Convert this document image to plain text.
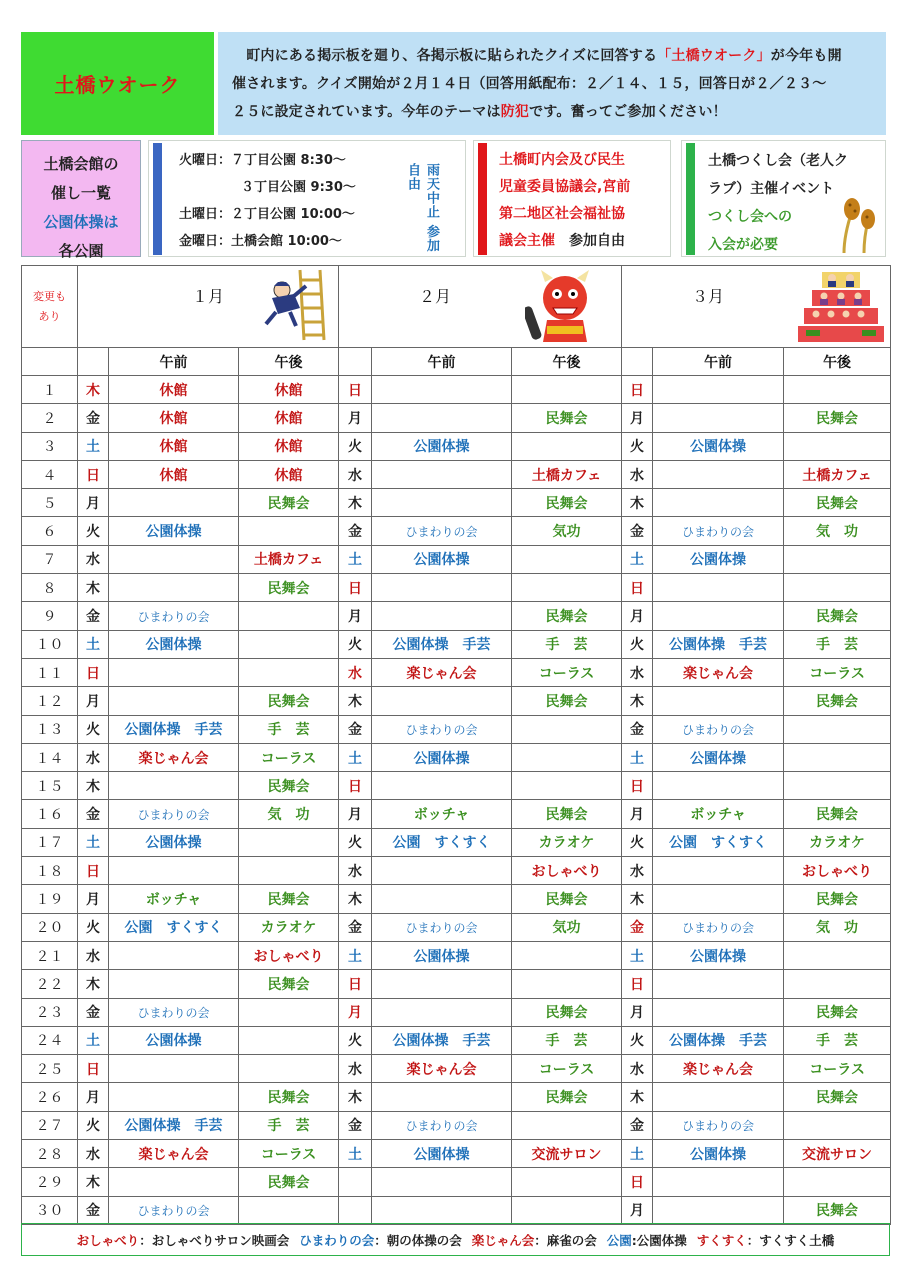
土橋ウオーク
　町内にある掲示板を廻り、各掲示板に貼られたクイズに回答する「土橋ウオーク」が今年も開
催されます。クイズ開始が２月１４日（回答用紙配布：２／１４、１５，回答日が２／２３～
２５に設定されています。今年のテーマは防犯です。奮ってご参加ください！
土橋会館の
催し一覧
公園体操は
各公園
火曜日：７丁目公園 8:30～
３丁目公園 9:30～
土曜日：２丁目公園 10:00～
金曜日：土橋会館 10:00～	雨天中止 参加自由
土橋町内会及び民生
児童委員協議会,宮前
第二地区社会福祉協
議会主催　参加自由
土橋つくし会（老人ク
ラブ）主催イベント
つくし会への
入会が必要
変更もあり	１月			２月			３月		

		午前	午後		午前	午後		午前	午後
１	木	休館	休館	日			日		
２	金	休館	休館	月		民舞会	月		民舞会
３	土	休館	休館	火	公園体操		火	公園体操	
４	日	休館	休館	水		土橋カフェ	水		土橋カフェ
５	月		民舞会	木		民舞会	木		民舞会
６	火	公園体操		金	ひまわりの会	気功	金	ひまわりの会	気　功
７	水		土橋カフェ	土	公園体操		土	公園体操	
８	木		民舞会	日			日		
９	金	ひまわりの会		月		民舞会	月		民舞会
１０	土	公園体操		火	公園体操　手芸	手　芸	火	公園体操　手芸	手　芸
１１	日			水	楽じゃん会	コーラス	水	楽じゃん会	コーラス
１２	月		民舞会	木		民舞会	木		民舞会
１３	火	公園体操　手芸	手　芸	金	ひまわりの会		金	ひまわりの会	
１４	水	楽じゃん会	コーラス	土	公園体操		土	公園体操	
１５	木		民舞会	日			日		
１６	金	ひまわりの会	気　功	月	ボッチャ	民舞会	月	ボッチャ	民舞会
１７	土	公園体操		火	公園　すくすく	カラオケ	火	公園　すくすく	カラオケ
１８	日			水		おしゃべり	水		おしゃべり
１９	月	ボッチャ	民舞会	木		民舞会	木		民舞会
２０	火	公園　すくすく	カラオケ	金	ひまわりの会	気功	金	ひまわりの会	気　功
２１	水		おしゃべり	土	公園体操		土	公園体操	
２２	木		民舞会	日			日		
２３	金	ひまわりの会		月		民舞会	月		民舞会
２４	土	公園体操		火	公園体操　手芸	手　芸	火	公園体操　手芸	手　芸
２５	日			水	楽じゃん会	コーラス	水	楽じゃん会	コーラス
２６	月		民舞会	木		民舞会	木		民舞会
２７	火	公園体操　手芸	手　芸	金	ひまわりの会		金	ひまわりの会	
２８	水	楽じゃん会	コーラス	土	公園体操	交流サロン	土	公園体操	交流サロン
２９	木		民舞会				日		
３０	金	ひまわりの会					月		民舞会
おしゃべり：おしゃべりサロン映画会 ひまわりの会：朝の体操の会 楽じゃん会：麻雀の会 公園:公園体操 すくすく：すくすく土橋
